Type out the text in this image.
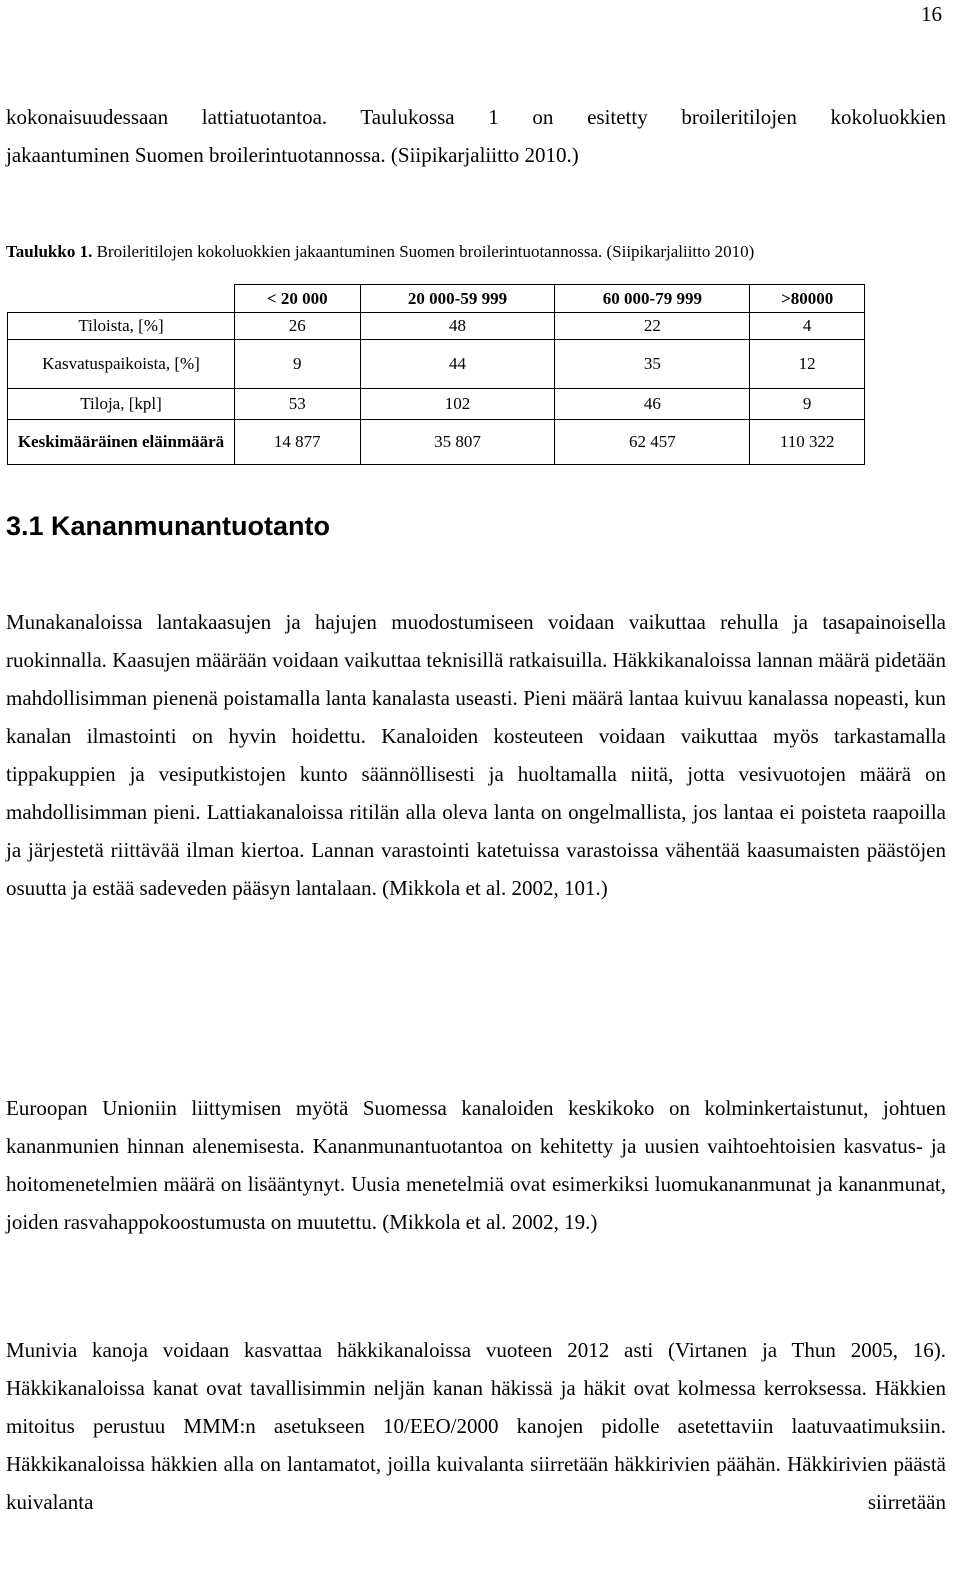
16
kokonaisuudessaan lattiatuotantoa. Taulukossa 1 on esitetty broileritilojen kokoluokkien
jakaantuminen Suomen broilerintuotannossa. (Siipikarjaliitto 2010.)
Taulukko 1. Broileritilojen kokoluokkien jakaantuminen Suomen broilerintuotannossa. (Siipikarjaliitto 2010)
	< 20 000	20 000-59 999	60 000-79 999	>80000
Tiloista, [%]	26	48	22	4
Kasvatuspaikoista, [%]	9	44	35	12
Tiloja, [kpl]	53	102	46	9
Keskimääräinen eläinmäärä	14 877	35 807	62 457	110 322
3.1 Kananmunantuotanto
Munakanaloissa lantakaasujen ja hajujen muodostumiseen voidaan vaikuttaa rehulla ja tasapainoisella ruokinnalla. Kaasujen määrään voidaan vaikuttaa teknisillä ratkaisuilla. Häkkikanaloissa lannan määrä pidetään mahdollisimman pienenä poistamalla lanta kanalasta useasti. Pieni määrä lantaa kuivuu kanalassa nopeasti, kun kanalan ilmastointi on hyvin hoidettu. Kanaloiden kosteuteen voidaan vaikuttaa myös tarkastamalla tippakuppien ja vesiputkistojen kunto säännöllisesti ja huoltamalla niitä, jotta vesivuotojen määrä on mahdollisimman pieni. Lattiakanaloissa ritilän alla oleva lanta on ongelmallista, jos lantaa ei poisteta raapoilla ja järjestetä riittävää ilman kiertoa. Lannan varastointi katetuissa varastoissa vähentää kaasumaisten päästöjen osuutta ja estää sadeveden pääsyn lantalaan. (Mikkola et al. 2002, 101.)
Euroopan Unioniin liittymisen myötä Suomessa kanaloiden keskikoko on kolminkertaistunut, johtuen kananmunien hinnan alenemisesta. Kananmunantuotantoa on kehitetty ja uusien vaihtoehtoisien kasvatus- ja hoitomenetelmien määrä on lisääntynyt. Uusia menetelmiä ovat esimerkiksi luomukananmunat ja kananmunat, joiden rasvahappokoostumusta on muutettu. (Mikkola et al. 2002, 19.)
Munivia kanoja voidaan kasvattaa häkkikanaloissa vuoteen 2012 asti (Virtanen ja Thun 2005, 16). Häkkikanaloissa kanat ovat tavallisimmin neljän kanan häkissä ja häkit ovat kolmessa kerroksessa. Häkkien mitoitus perustuu MMM:n asetukseen 10/EEO/2000 kanojen pidolle asetettaviin laatuvaatimuksiin. Häkkikanaloissa häkkien alla on lantamatot, joilla kuivalanta siirretään häkkirivien päähän. Häkkirivien päästä kuivalanta siirretään
